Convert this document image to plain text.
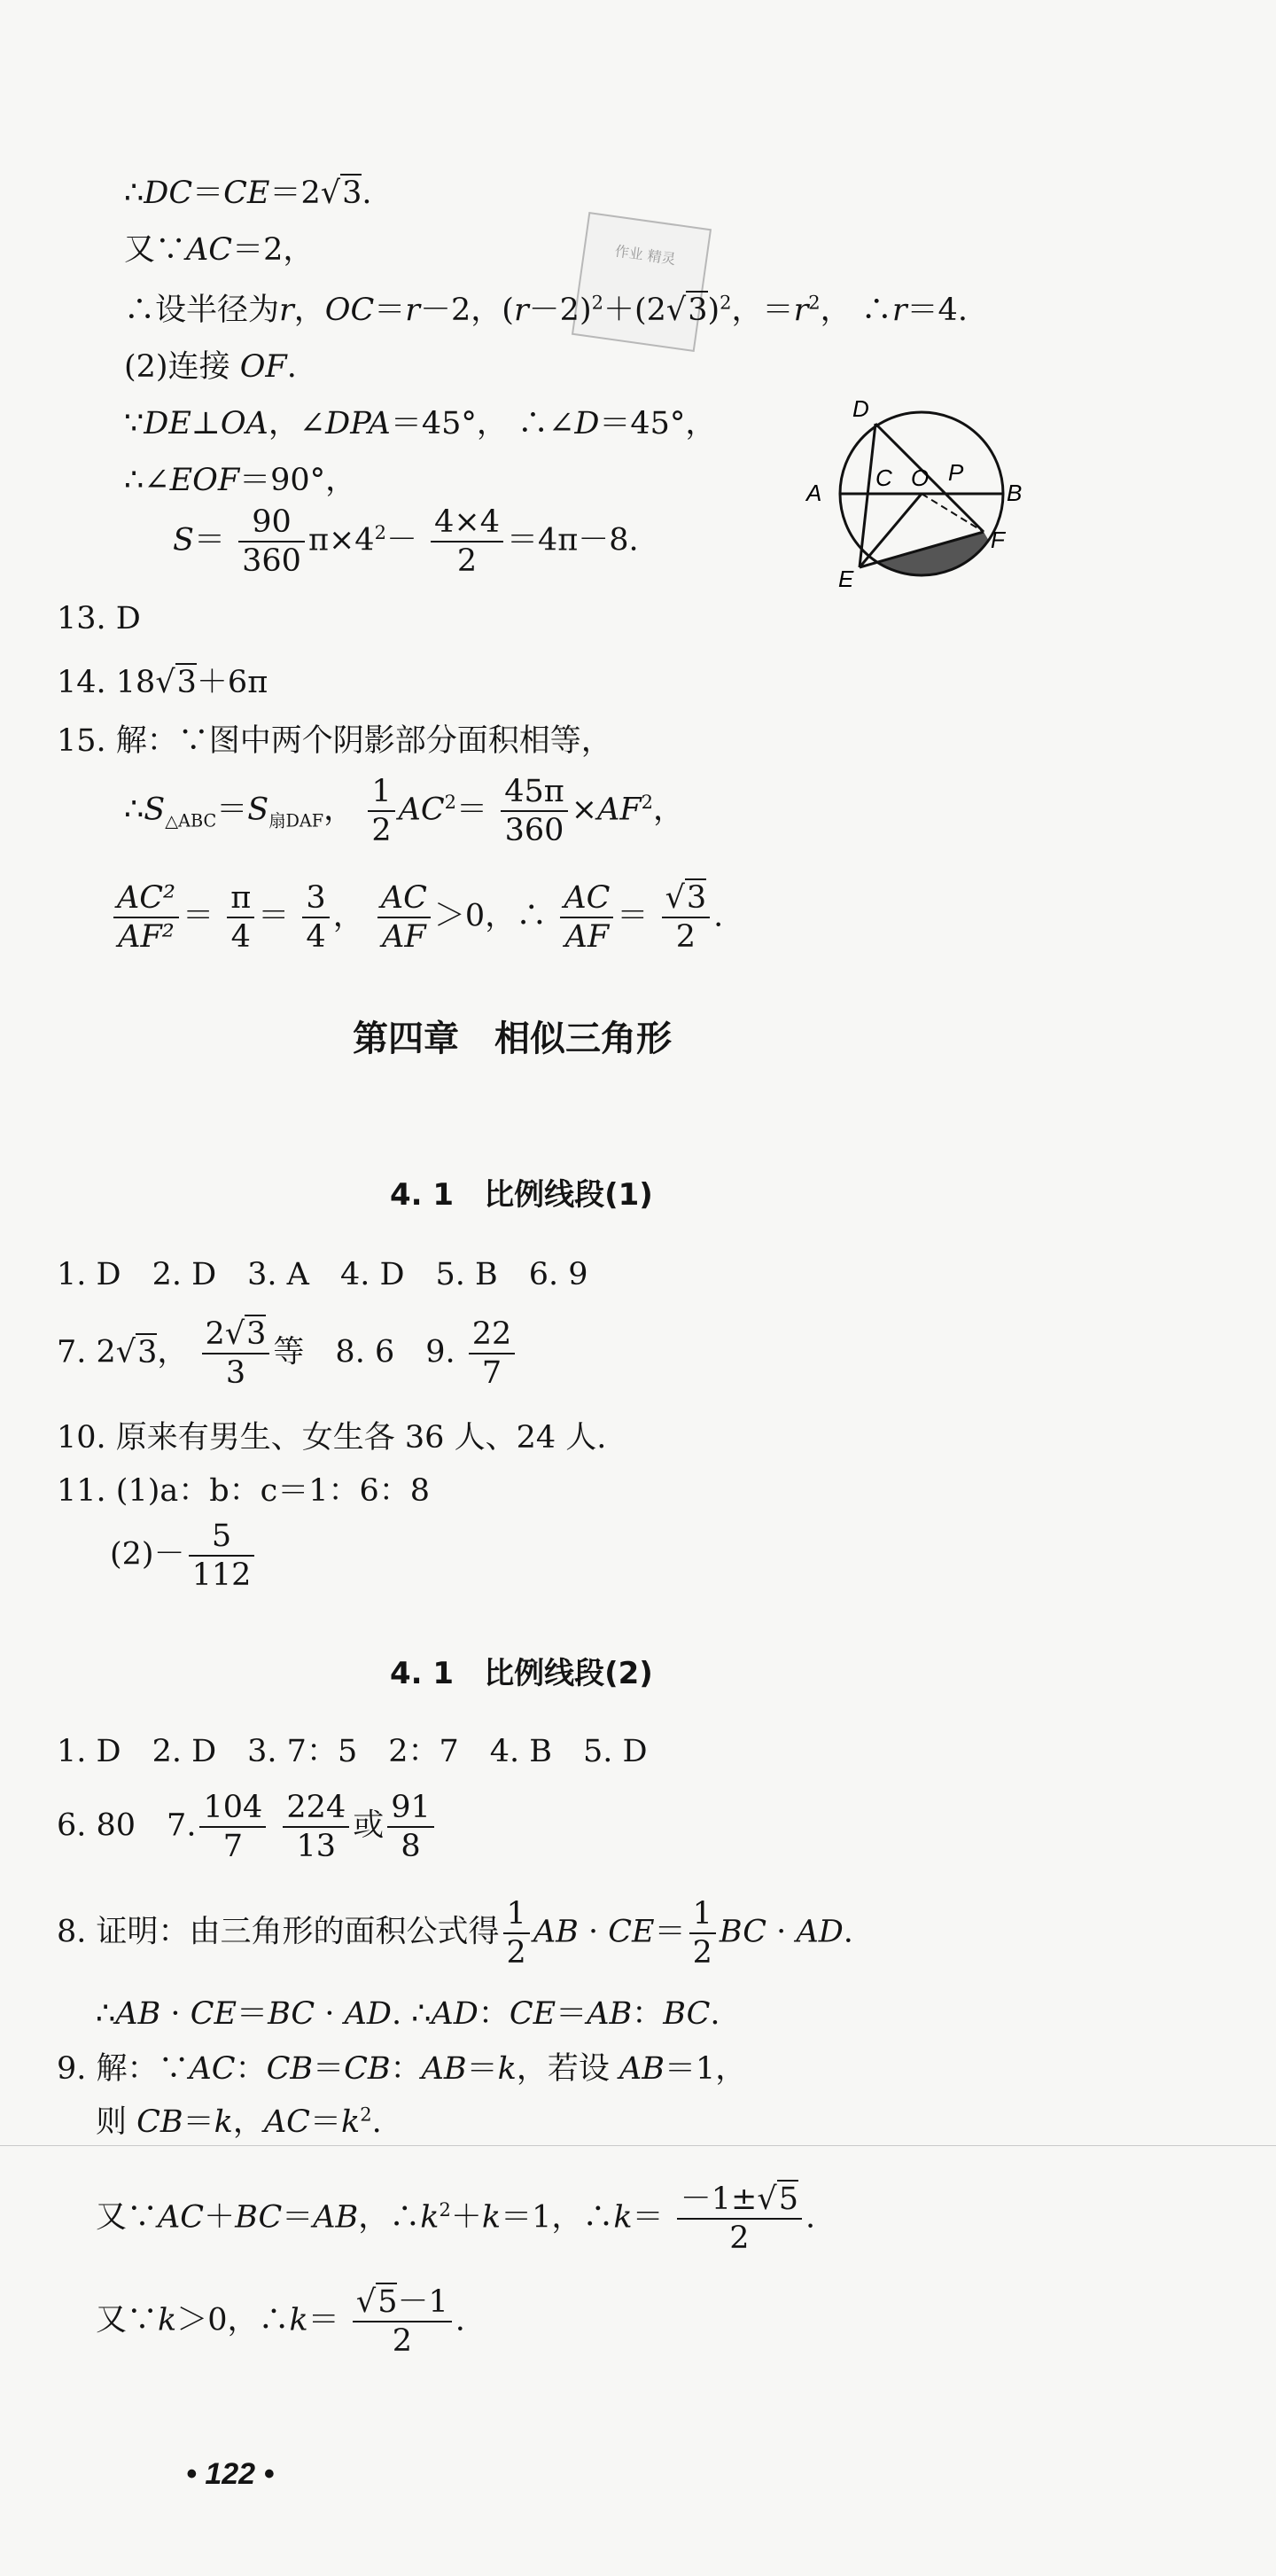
作业 精灵
∴DC＝CE＝2√3.
又∵AC＝2，
∴设半径为r，OC＝r－2，$(r-2)^2+(2√3)^2$，$=r^2$， ∴r＝4.
(2)连接 OF.
∵DE⊥OA，∠DPA＝45°， ∴∠D＝45°，
∴∠EOF＝90°，
$S= \frac{90}{360} \pi\times 4^2- \frac{4\times 4}{2} =4\pi-8$.
D
A
C O P
B
E
F
13. D
14. 18√3＋6π
15. 解：∵图中两个阴影部分面积相等，
$\therefore S_{\triangle ABC}=S_{扇DAF}$， $\frac{1}{2} AC^2= \frac{45\pi}{360} \times AF^2$，
$\frac{\text{AC²}}{\text{AF²}} = \frac{\pi}{4} = \frac{3}{4}$ ， $\frac{AC}{AF} >0$，∴ $\frac{AC}{AF} = \frac{√3}{2}$ .
第四章　相似三角形
4. 1　比例线段(1)
1. D　2. D　3. A　4. D　5. B　6. 9
7. 2√3， $\frac{2√3}{3}$ 等　8. 6　9. $\frac{22}{7}$
10. 原来有男生、女生各 36 人、24 人.
11. (1)a：b：c＝1：6：8
$(2)- \frac{5}{112}$
4. 1　比例线段(2)
1. D　2. D　3. 7：5　2：7　4. B　5. D
6. 80　7. $\frac{104}{7}$
$\frac{224}{13}$ 或 $\frac{91}{8}$
8. 证明：由三角形的面积公式得 $\frac{1}{2}$ AB · $CE= \frac{1}{2}$ BC · AD.
∴AB · CE＝BC · AD. ∴AD：CE＝AB：BC.
9. 解：∵AC：CB＝CB：AB＝k，若设 AB＝1，
则 CB＝k，$AC=k^2$.
又∵AC＋BC＝AB，$\therefore k^2+k=1$，∴k＝ $\frac{-1\pm√5}{2}$ .
又∵k＞0，∴k＝ $\frac{√5-1}{2}$ .
• 122 •
